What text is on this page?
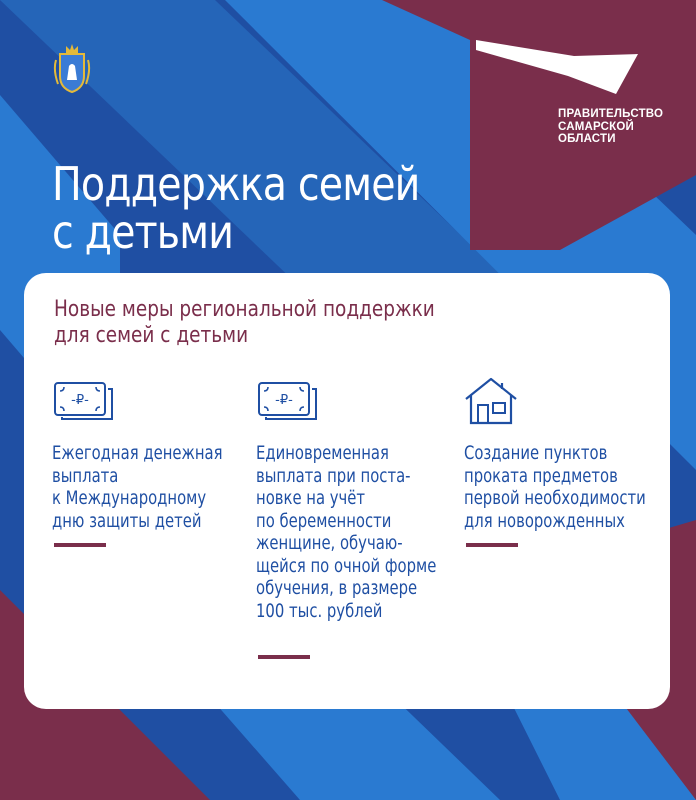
ПРАВИТЕЛЬСТВО
САМАРСКОЙ
ОБЛАСТИ
Поддержка семей
с детьми
Новые меры региональной поддержки
для семей с детьми
-₽-
Ежегодная денежная
выплата
к Международному
дню защиты детей
-₽-
Единовременная
выплата при поста-
новке на учёт
по беременности
женщине, обучаю-
щейся по очной форме
обучения, в размере
100 тыс. рублей
Создание пунктов
проката предметов
первой необходимости
для новорожденных
